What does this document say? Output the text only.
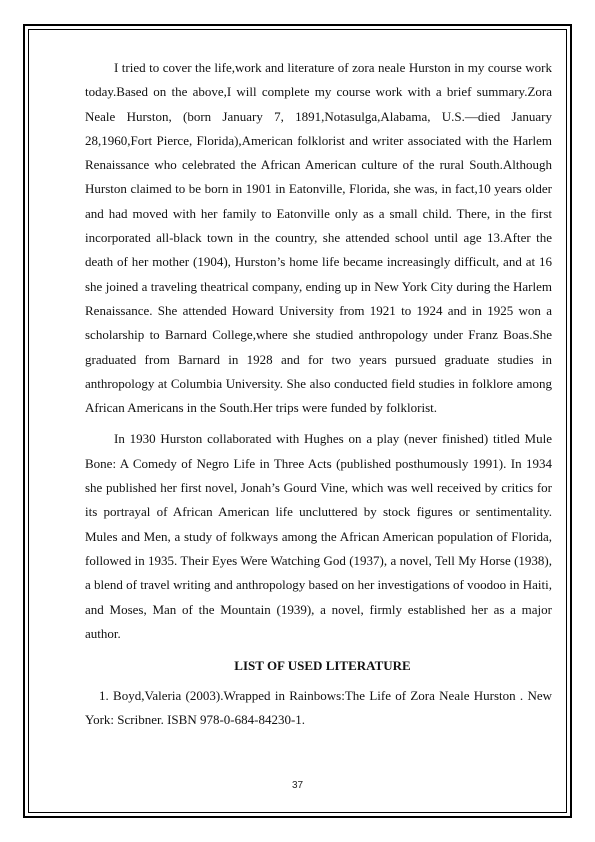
I tried to cover the life,work and literature of zora neale Hurston in my course work today.Based on the above,I will complete my course work with a brief summary.Zora Neale Hurston, (born January 7, 1891,Notasulga,Alabama, U.S.—died January 28,1960,Fort Pierce, Florida),American folklorist and writer associated with the Harlem Renaissance who celebrated the African American culture of the rural South.Although Hurston claimed to be born in 1901 in Eatonville, Florida, she was, in fact,10 years older and had moved with her family to Eatonville only as a small child. There, in the first incorporated all-black town in the country, she attended school until age 13.After the death of her mother (1904), Hurston’s home life became increasingly difficult, and at 16 she joined a traveling theatrical company, ending up in New York City during the Harlem Renaissance. She attended Howard University from 1921 to 1924 and in 1925 won a scholarship to Barnard College,where she studied anthropology under Franz Boas.She graduated from Barnard in 1928 and for two years pursued graduate studies in anthropology at Columbia University. She also conducted field studies in folklore among African Americans in the South.Her trips were funded by folklorist.

In 1930 Hurston collaborated with Hughes on a play (never finished) titled Mule Bone: A Comedy of Negro Life in Three Acts (published posthumously 1991). In 1934 she published her first novel, Jonah’s Gourd Vine, which was well received by critics for its portrayal of African American life uncluttered by stock figures or sentimentality. Mules and Men, a study of folkways among the African American population of Florida, followed in 1935. Their Eyes Were Watching God (1937), a novel, Tell My Horse (1938), a blend of travel writing and anthropology based on her investigations of voodoo in Haiti, and Moses, Man of the Mountain (1939), a novel, firmly established her as a major author.

LIST OF USED LITERATURE

1. Boyd,Valeria (2003).Wrapped in Rainbows:The Life of Zora Neale Hurston . New York: Scribner. ISBN 978-0-684-84230-1.

37
